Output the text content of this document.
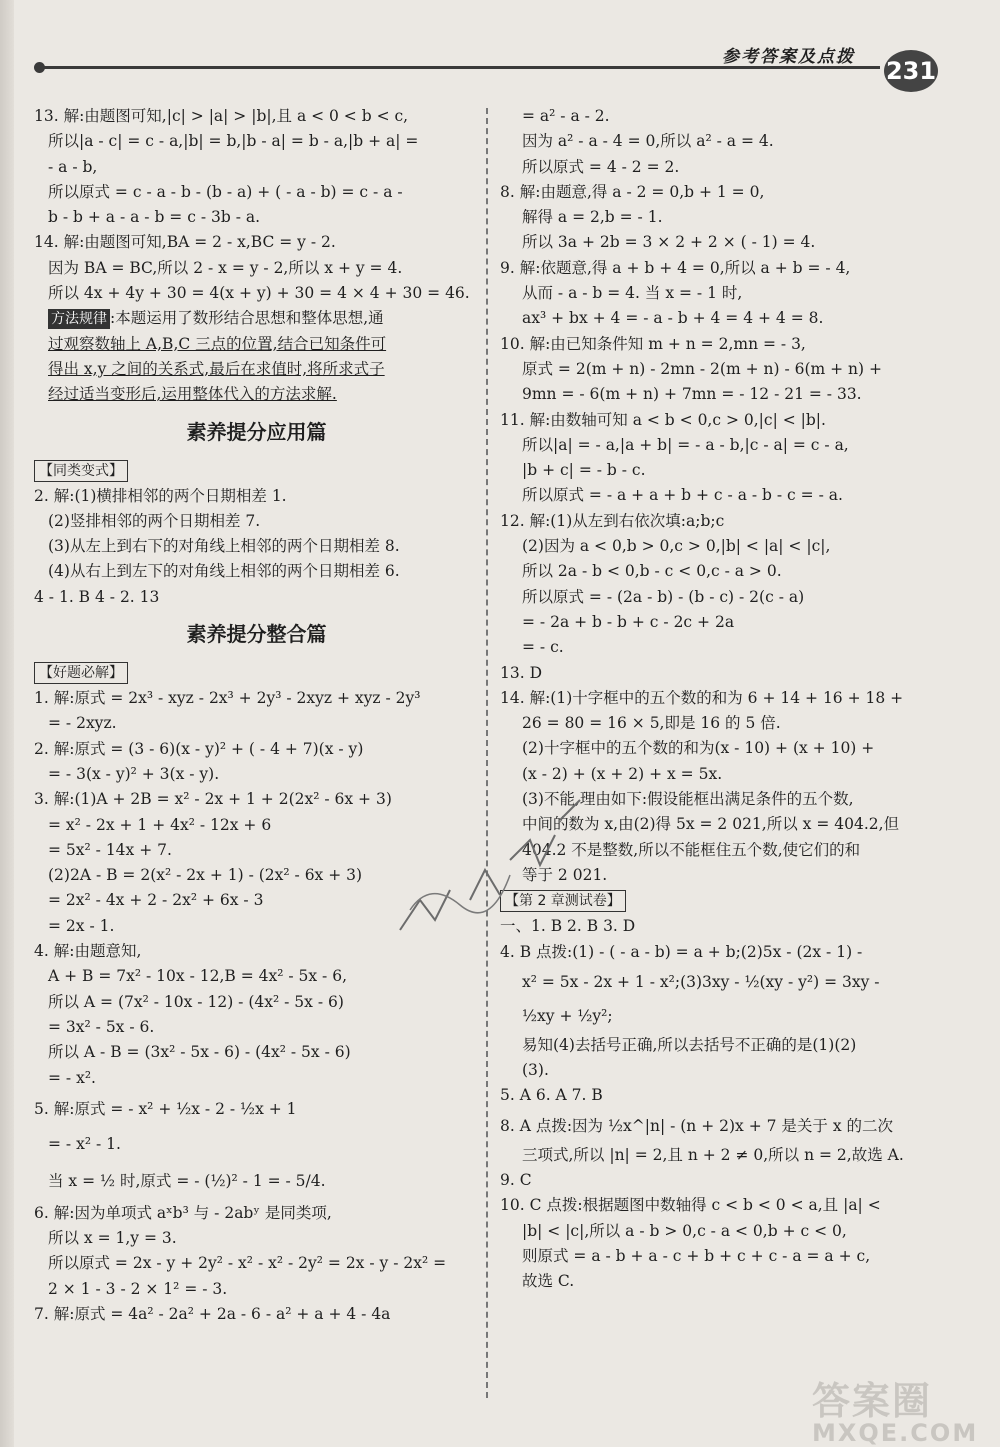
参考答案及点拨 231
13. 解:由题图可知,|c| > |a| > |b|,且 a < 0 < b < c,
所以|a - c| = c - a,|b| = b,|b - a| = b - a,|b + a| =
- a - b,
所以原式 = c - a - b - (b - a) + ( - a - b) = c - a -
b - b + a - a - b = c - 3b - a.
14. 解:由题图可知,BA = 2 - x,BC = y - 2.
因为 BA = BC,所以 2 - x = y - 2,所以 x + y = 4.
所以 4x + 4y + 30 = 4(x + y) + 30 = 4 × 4 + 30 = 46.
方法规律 :本题运用了数形结合思想和整体思想,通
过观察数轴上 A,B,C 三点的位置,结合已知条件可
得出 x,y 之间的关系式,最后在求值时,将所求式子
经过适当变形后,运用整体代入的方法求解.
素养提分应用篇
【同类变式】
2. 解:(1)横排相邻的两个日期相差 1.
(2)竖排相邻的两个日期相差 7.
(3)从左上到右下的对角线上相邻的两个日期相差 8.
(4)从右上到左下的对角线上相邻的两个日期相差 6.
4 - 1. B 4 - 2. 13
素养提分整合篇
【好题必解】
1. 解:原式 = 2x³ - xyz - 2x³ + 2y³ - 2xyz + xyz - 2y³
= - 2xyz.
2. 解:原式 = (3 - 6)(x - y)² + ( - 4 + 7)(x - y)
= - 3(x - y)² + 3(x - y).
3. 解:(1)A + 2B = x² - 2x + 1 + 2(2x² - 6x + 3)
= x² - 2x + 1 + 4x² - 12x + 6
= 5x² - 14x + 7.
(2)2A - B = 2(x² - 2x + 1) - (2x² - 6x + 3)
= 2x² - 4x + 2 - 2x² + 6x - 3
= 2x - 1.
4. 解:由题意知,
A + B = 7x² - 10x - 12,B = 4x² - 5x - 6,
所以 A = (7x² - 10x - 12) - (4x² - 5x - 6)
= 3x² - 5x - 6.
所以 A - B = (3x² - 5x - 6) - (4x² - 5x - 6)
= - x².
5. 解:原式 = - x² + ½x - 2 - ½x + 1
= - x² - 1.
当 x = ½ 时,原式 = - (½)² - 1 = - 5/4.
6. 解:因为单项式 aˣb³ 与 - 2abʸ 是同类项,
所以 x = 1,y = 3.
所以原式 = 2x - y + 2y² - x² - x² - 2y² = 2x - y - 2x² =
2 × 1 - 3 - 2 × 1² = - 3.
7. 解:原式 = 4a² - 2a² + 2a - 6 - a² + a + 4 - 4a
= a² - a - 2.
因为 a² - a - 4 = 0,所以 a² - a = 4.
所以原式 = 4 - 2 = 2.
8. 解:由题意,得 a - 2 = 0,b + 1 = 0,
解得 a = 2,b = - 1.
所以 3a + 2b = 3 × 2 + 2 × ( - 1) = 4.
9. 解:依题意,得 a + b + 4 = 0,所以 a + b = - 4,
从而 - a - b = 4. 当 x = - 1 时,
ax³ + bx + 4 = - a - b + 4 = 4 + 4 = 8.
10. 解:由已知条件知 m + n = 2,mn = - 3,
原式 = 2(m + n) - 2mn - 2(m + n) - 6(m + n) +
9mn = - 6(m + n) + 7mn = - 12 - 21 = - 33.
11. 解:由数轴可知 a < b < 0,c > 0,|c| < |b|.
所以|a| = - a,|a + b| = - a - b,|c - a| = c - a,
|b + c| = - b - c.
所以原式 = - a + a + b + c - a - b - c = - a.
12. 解:(1)从左到右依次填:a;b;c
(2)因为 a < 0,b > 0,c > 0,|b| < |a| < |c|,
所以 2a - b < 0,b - c < 0,c - a > 0.
所以原式 = - (2a - b) - (b - c) - 2(c - a)
= - 2a + b - b + c - 2c + 2a
= - c.
13. D
14. 解:(1)十字框中的五个数的和为 6 + 14 + 16 + 18 +
26 = 80 = 16 × 5,即是 16 的 5 倍.
(2)十字框中的五个数的和为(x - 10) + (x + 10) +
(x - 2) + (x + 2) + x = 5x.
(3)不能,理由如下:假设能框出满足条件的五个数,
中间的数为 x,由(2)得 5x = 2 021,所以 x = 404.2,但
404.2 不是整数,所以不能框住五个数,使它们的和
等于 2 021.
【第 2 章测试卷】
一、1. B 2. B 3. D
4. B 点拨:(1) - ( - a - b) = a + b;(2)5x - (2x - 1) -
x² = 5x - 2x + 1 - x²;(3)3xy - ½(xy - y²) = 3xy -
½xy + ½y²;
易知(4)去括号正确,所以去括号不正确的是(1)(2)
(3).
5. A 6. A 7. B
8. A 点拨:因为 ½x^|n| - (n + 2)x + 7 是关于 x 的二次
三项式,所以 |n| = 2,且 n + 2 ≠ 0,所以 n = 2,故选 A.
9. C
10. C 点拨:根据题图中数轴得 c < b < 0 < a,且 |a| <
|b| < |c|,所以 a - b > 0,c - a < 0,b + c < 0,
则原式 = a - b + a - c + b + c + c - a = a + c,
故选 C.
答案圈
MXQE.COM
